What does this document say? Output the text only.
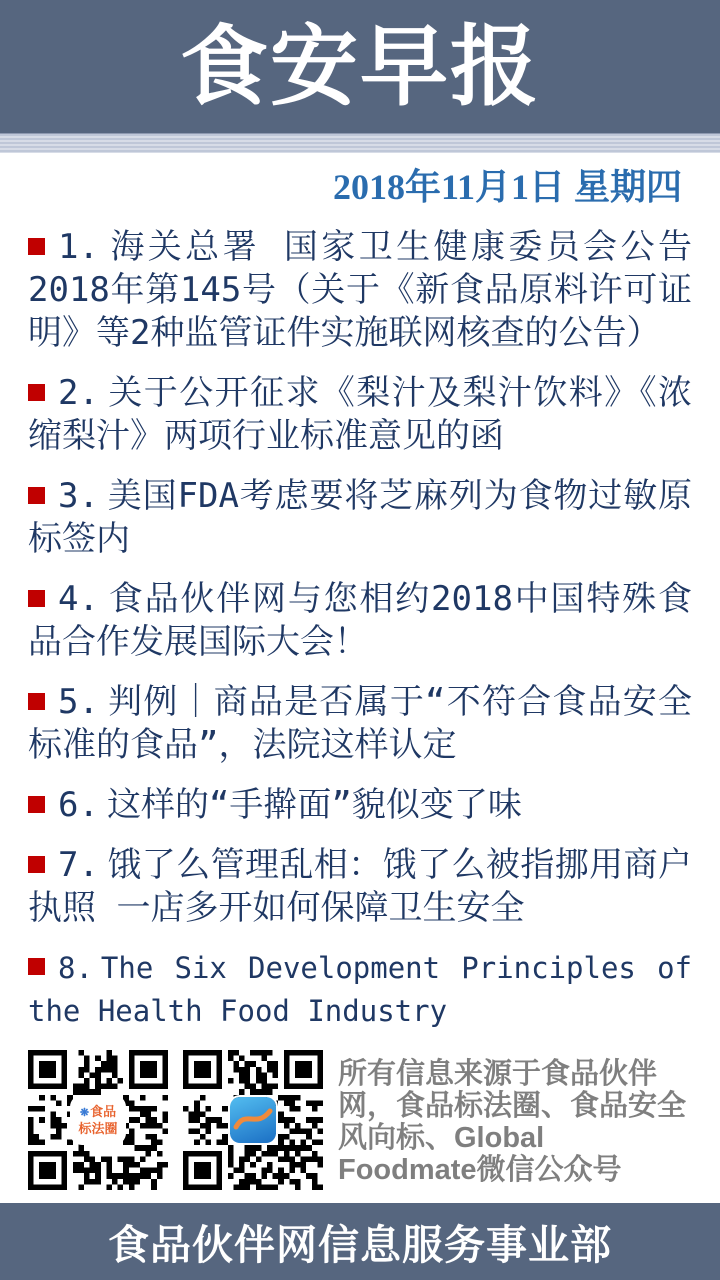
食安早报
2018年11月1日 星期四

1. 海关总署 国家卫生健康委员会公告2018年第145号（关于《新食品原料许可证明》等2种监管证件实施联网核查的公告）

2. 关于公开征求《梨汁及梨汁饮料》《浓缩梨汁》两项行业标准意见的函

3. 美国FDA考虑要将芝麻列为食物过敏原标签内

4. 食品伙伴网与您相约2018中国特殊食品合作发展国际大会！

5. 判例｜商品是否属于“不符合食品安全标准的食品”，法院这样认定

6. 这样的“手擀面”貌似变了味

7. 饿了么管理乱相：饿了么被指挪用商户执照 一店多开如何保障卫生安全

8. The Six Development Principles of the Health Food Industry

❋食品
标法圈
所有信息来源于食品伙伴网，食品标法圈、食品安全风向标、Global Foodmate微信公众号
食品伙伴网信息服务事业部
